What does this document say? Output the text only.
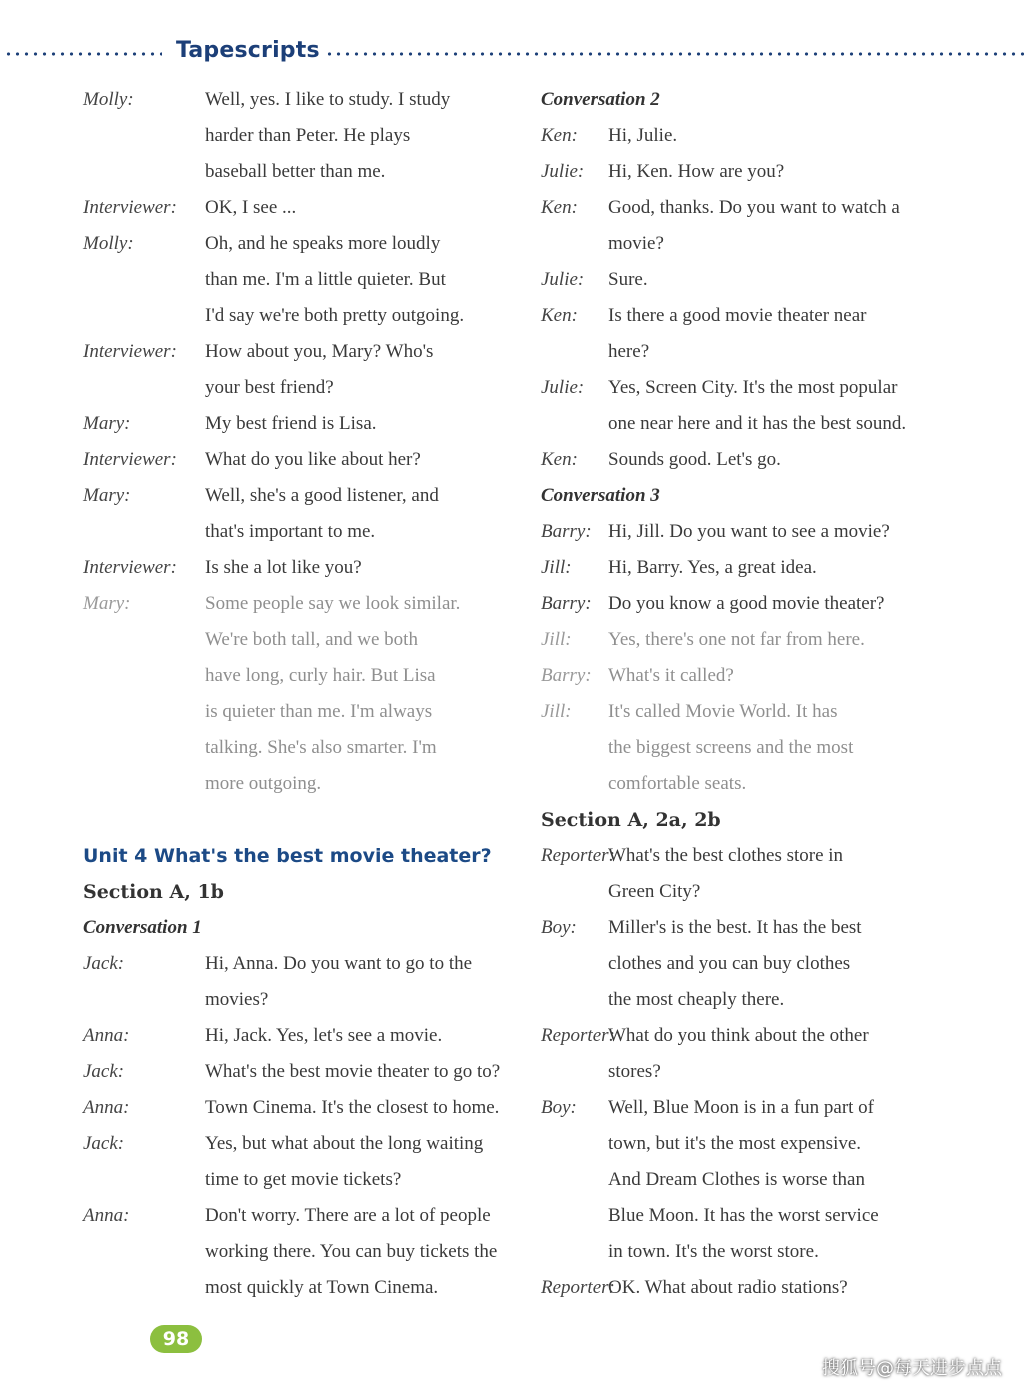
Tapescripts
Molly:	Well, yes. I like to study. I study
harder than Peter. He plays
baseball better than me.
Interviewer:	OK, I see ...
Molly:	Oh, and he speaks more loudly
than me. I'm a little quieter. But
I'd say we're both pretty outgoing.
Interviewer:	How about you, Mary? Who's
your best friend?
Mary:	My best friend is Lisa.
Interviewer:	What do you like about her?
Mary:	Well, she's a good listener, and
that's important to me.
Interviewer:	Is she a lot like you?
Mary:	Some people say we look similar.
We're both tall, and we both
have long, curly hair. But Lisa
is quieter than me. I'm always
talking. She's also smarter. I'm
more outgoing.
Unit 4 What's the best movie theater?
Section A, 1b
Conversation 1
Jack:	Hi, Anna. Do you want to go to the
movies?
Anna:	Hi, Jack. Yes, let's see a movie.
Jack:	What's the best movie theater to go to?
Anna:	Town Cinema. It's the closest to home.
Jack:	Yes, but what about the long waiting
time to get movie tickets?
Anna:	Don't worry. There are a lot of people
working there. You can buy tickets the
most quickly at Town Cinema.
Conversation 2
Ken:	Hi, Julie.
Julie:	Hi, Ken. How are you?
Ken:	Good, thanks. Do you want to watch a
movie?
Julie:	Sure.
Ken:	Is there a good movie theater near
here?
Julie:	Yes, Screen City. It's the most popular
one near here and it has the best sound.
Ken:	Sounds good. Let's go.
Conversation 3
Barry: Hi, Jill. Do you want to see a movie?
Jill:	Hi, Barry. Yes, a great idea.
Barry: Do you know a good movie theater?
Jill:	Yes, there's one not far from here.
Barry: What's it called?
Jill:	It's called Movie World. It has
the biggest screens and the most
comfortable seats.
Section A, 2a, 2b
Reporter:
What's the best clothes store in
Green City?
Boy:	Miller's is the best. It has the best
clothes and you can buy clothes
the most cheaply there.
Reporter:
What do you think about the other
stores?
Boy:	Well, Blue Moon is in a fun part of
town, but it's the most expensive.
And Dream Clothes is worse than
Blue Moon. It has the worst service
in town. It's the worst store.
Reporter:
OK. What about radio stations?
98
搜狐号@每天进步点点
